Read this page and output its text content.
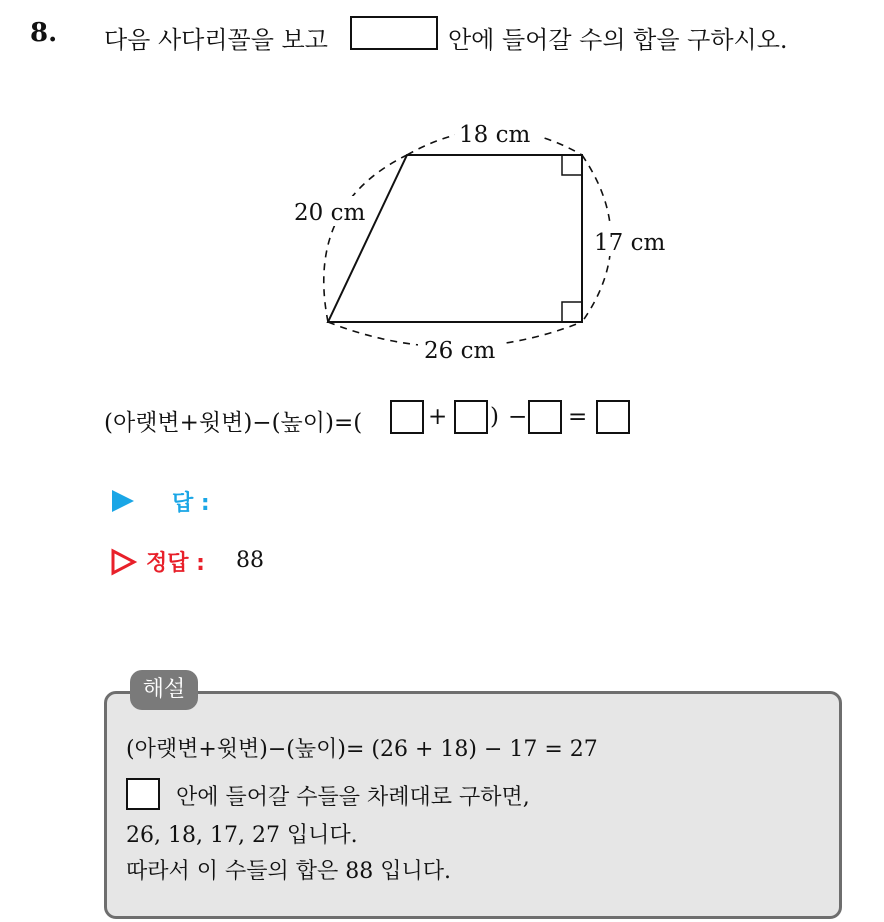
8. 다음 사다리꼴을 보고	안에 들어갈 수의 합을 구하시오.
18 cm
20 cm
17 cm
26 cm
(아랫변+윗변)−(높이)=(	+ ) − =
답 :
정답 : 88
해설
(아랫변+윗변)−(높이)= (26 + 18) − 17 = 27
안에 들어갈 수들을 차례대로 구하면,
26, 18, 17, 27 입니다.
따라서 이 수들의 합은 88 입니다.
